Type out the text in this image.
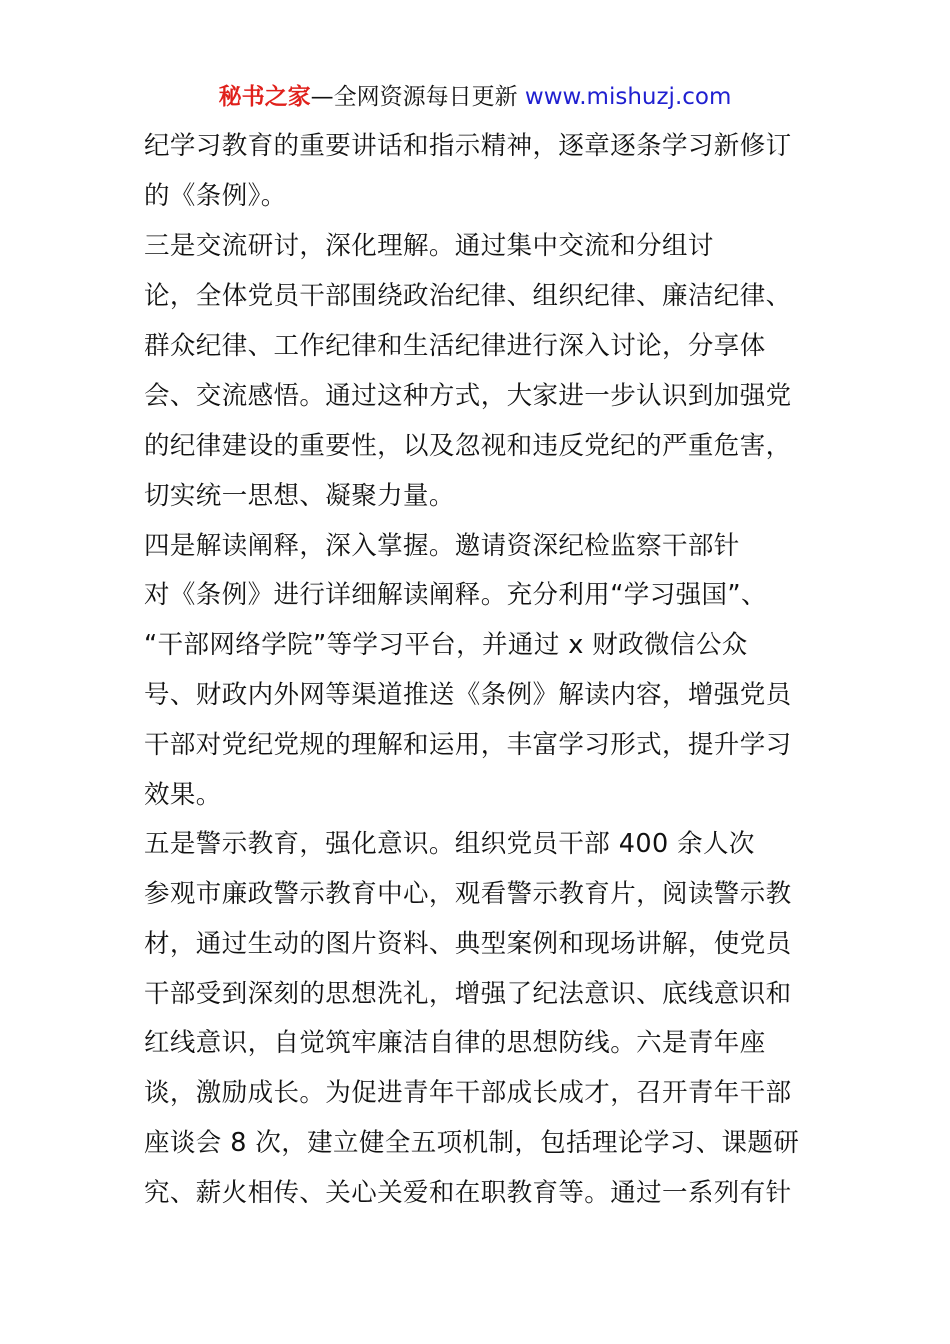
秘书之家—全网资源每日更新 www.mishuzj.com
纪学习教育的重要讲话和指示精神，逐章逐条学习新修订
的《条例》。
三是交流研讨，深化理解。通过集中交流和分组讨
论，全体党员干部围绕政治纪律、组织纪律、廉洁纪律、
群众纪律、工作纪律和生活纪律进行深入讨论，分享体
会、交流感悟。通过这种方式，大家进一步认识到加强党
的纪律建设的重要性，以及忽视和违反党纪的严重危害，
切实统一思想、凝聚力量。
四是解读阐释，深入掌握。邀请资深纪检监察干部针
对《条例》进行详细解读阐释。充分利用“学习强国”、
“干部网络学院”等学习平台，并通过 x 财政微信公众
号、财政内外网等渠道推送《条例》解读内容，增强党员
干部对党纪党规的理解和运用，丰富学习形式，提升学习
效果。
五是警示教育，强化意识。组织党员干部 400 余人次
参观市廉政警示教育中心，观看警示教育片，阅读警示教
材，通过生动的图片资料、典型案例和现场讲解，使党员
干部受到深刻的思想洗礼，增强了纪法意识、底线意识和
红线意识，自觉筑牢廉洁自律的思想防线。六是青年座
谈，激励成长。为促进青年干部成长成才，召开青年干部
座谈会 8 次，建立健全五项机制，包括理论学习、课题研
究、薪火相传、关心关爱和在职教育等。通过一系列有针
